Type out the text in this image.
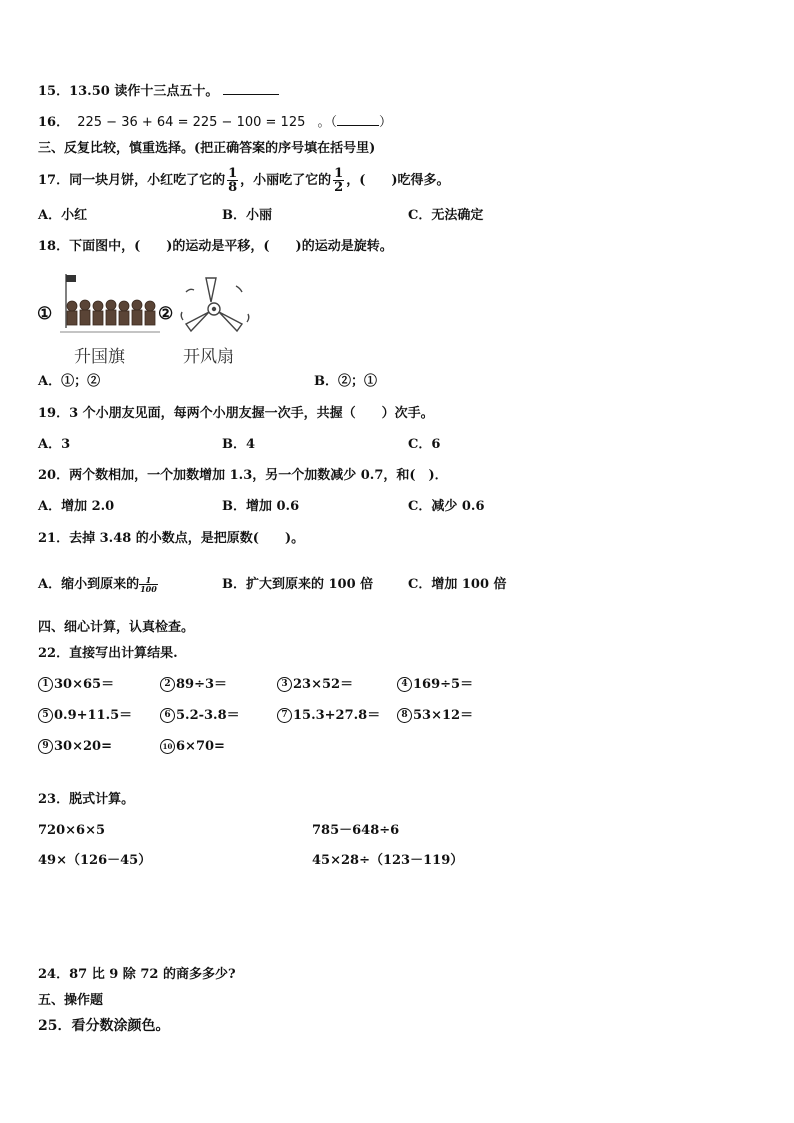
15．13.50 读作十三点五十。
16． 225 − 36 + 64 = 225 − 100 = 125 。（	）
三、反复比较，慎重选择。(把正确答案的序号填在括号里)
17．同一块月饼，小红吃了它的 $\frac{1}{8}$ ，小丽吃了它的 $\frac{1}{2}$ ，(　　)吃得多。
A．小红	B．小丽	C．无法确定
18．下面图中，(　　)的运动是平移，(　　)的运动是旋转。
①
升国旗
②
开风扇
A．①；②	B．②；①
19．3 个小朋友见面，每两个小朋友握一次手，共握（　　）次手。
A．3	B．4	C．6
20．两个数相加，一个加数增加 1.3，另一个加数减少 0.7，和(　)．
A．增加 2.0	B．增加 0.6	C．减少 0.6
21．去掉 3.48 的小数点，是把原数(　　)。
A．缩小到原来的 $\frac{1}{100}$	B．扩大到原来的 100 倍	C．增加 100 倍
四、细心计算，认真检查。
22．直接写出计算结果.
1 30×65＝	2 89÷3＝	3 23×52＝	4 169÷5＝
5 0.9+11.5＝	6 5.2-3.8＝	7 15.3+27.8＝	8 53×12＝
9 30×20=	10 6×70=
23．脱式计算。
720×6×5	785－648÷6
49×（126－45）	45×28÷（123－119）
24．87 比 9 除 72 的商多多少?
五、操作题
25．看分数涂颜色。
